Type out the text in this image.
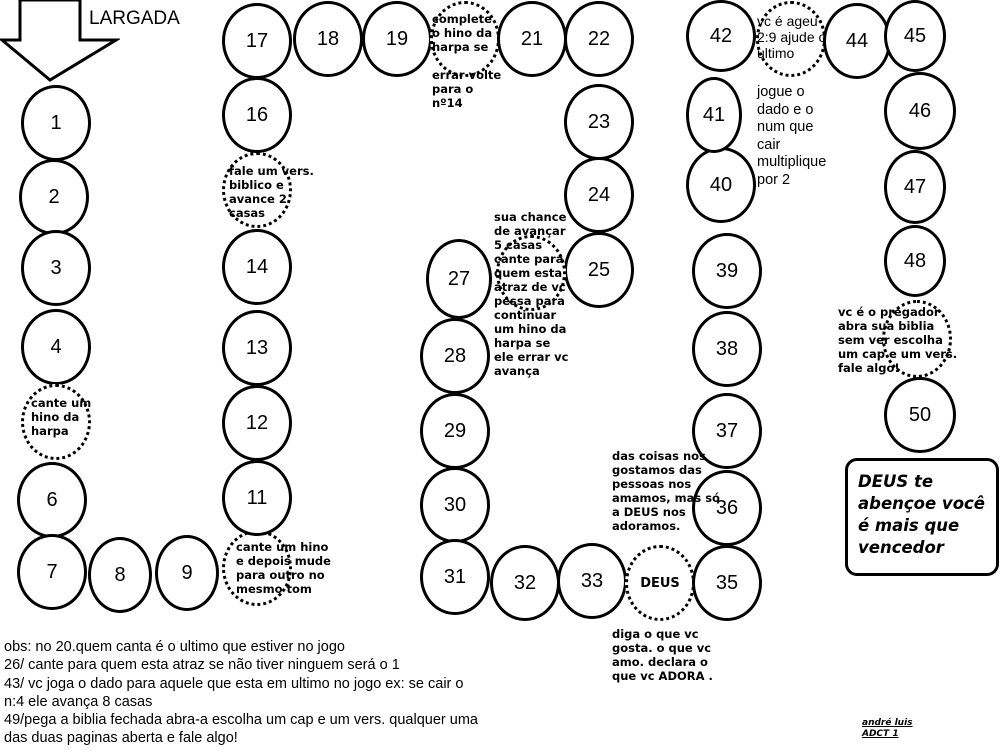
LARGADA
1
2
3
4
6
7	8	9
11
12
13
14
16
17 18 19	21 22
23
24
25
27
28
29
30
31 32 33	DEUS 35
36
37
38
39
40
41
42	44 45
46
47
48
50
cante um
hino da
harpa
cante um hino
e depois mude
para outro no
mesmo tom
fale um vers.
biblico e
avance 2
casas
complete
o hino da
harpa se

errar volte
para o
nº14
sua chance
de avançar
5 casas
cante para
quem esta
atraz de vc
pessa para
continuar
um hino da
harpa se
ele errar vc
avança
das coisas nos
gostamos das
pessoas nos
amamos, mas só
a DEUS nos
adoramos.
diga o que vc
gosta. o que vc
amo. declara o
que vc ADORA .
vc é o pregador
abra sua biblia
sem ver escolha
um cap e um vers.
fale algo!
vc é ageu
2:9 ajude o
ultimo
jogue o
dado e o
num que
cair
multiplique
por 2
DEUS te
abençoe você
é mais que
vencedor
obs: no 20.quem canta é o ultimo que estiver no jogo
26/ cante para quem esta atraz se não tiver ninguem será o 1
43/ vc joga o dado para aquele que esta em ultimo no jogo ex: se cair o
n:4 ele avança 8 casas
49/pega a biblia fechada abra-a escolha um cap e um vers. qualquer uma
das duas paginas aberta e fale algo!
andré luis
ADCT 1
